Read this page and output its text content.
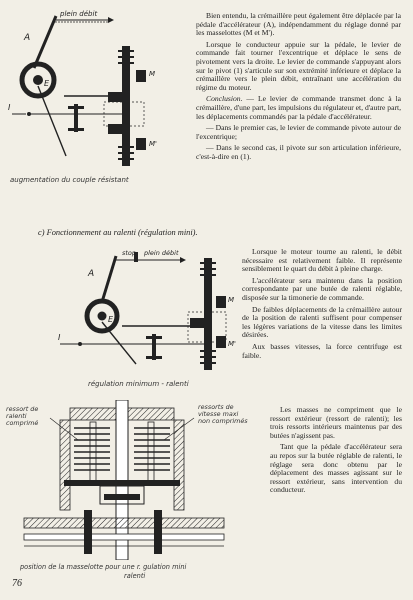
plein débit
A
E
M
M'
I
augmentation du couple résistant

Bien entendu, la crémaillère peut également être déplacée par la pédale d'accélérateur (A), indépendamment du réglage donné par les masselottes (M et M').

Lorsque le conducteur appuie sur la pédale, le levier de commande fait tourner l'excentrique et déplace le sens de pivotement vers la droite. Le levier de commande s'appuyant alors sur le pivot (1) s'articule sur son extrémité inférieure et déplace la crémaillère vers le plein débit, entraînant une accélération du régime du moteur.

Conclusion. — Le levier de commande transmet donc à la crémaillère, d'une part, les impulsions du régulateur et, d'autre part, les déplacements commandés par la pédale d'accélérateur.

— Dans le premier cas, le levier de commande pivote autour de l'excentrique;

— Dans le second cas, il pivote sur son articulation inférieure, c'est-à-dire en (1).

c) Fonctionnement au ralenti (régulation mini).
stop plein débit
A
E
M
M'
I
régulation minimum - ralenti

Lorsque le moteur tourne au ralenti, le débit nécessaire est relativement faible. Il représente sensiblement le quart du débit à pleine charge.

L'accélérateur sera maintenu dans la position correspondante par une butée de ralenti réglable, disposée sur la timonerie de commande.

De faibles déplacements de la crémaillère autour de la position de ralenti suffisent pour compenser les légères variations de la vitesse dans les limites désirées.

Aux basses vitesses, la force centrifuge est faible.

ressort de ralenti comprimé
ressorts de vitesse maxi non comprimés
position de la masselotte pour une r. gulation mini
ralenti

Les masses ne compriment que le ressort extérieur (ressort de ralenti); les trois ressorts intérieurs maintenus par des butées n'agissent pas.

Tant que la pédale d'accélérateur sera au repos sur la butée réglable de ralenti, le réglage sera donc obtenu par le déplacement des masses agissant sur le ressort extérieur, sans intervention du conducteur.

76
